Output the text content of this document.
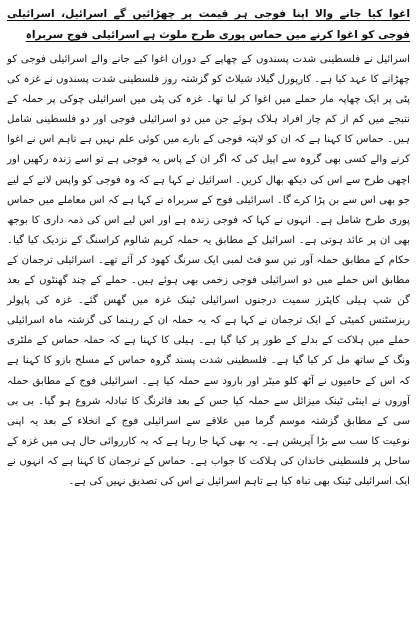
اغوا کیا جانے والا اپنا فوجی ہر قیمت پر چھڑائیں گے اسرائیل، اسرائیلی فوجی کو اغوا کرنے میں حماس پوری طرح ملوث ہے اسرائیلی فوج سربراہ

اسرائیل نے فلسطینی شدت پسندوں کے چھاپے کے دوران اغوا کیے جانے والے اسرائیلی فوجی کو چھڑانے کا عہد کیا ہے۔ کارپورل گیلاد شیلاٹ کو گزشتہ روز فلسطینی شدت پسندوں نے غزہ کی پٹی پر ایک چھاپہ مار حملے میں اغوا کر لیا تھا۔ غزہ کی پٹی میں اسرائیلی چوکی پر حملہ کے نتیجے میں کم از کم چار افراد ہلاک ہوئے جن میں دو اسرائیلی فوجی اور دو فلسطینی شامل ہیں۔ حماس کا کہنا ہے کہ ان کو لاپتہ فوجی کے بارے میں کوئی علم نہیں ہے تاہم اس نے اغوا کرنے والے کسی بھی گروہ سے اپیل کی کہ اگر ان کے پاس یہ فوجی ہے تو اسے زندہ رکھیں اور اچھی طرح سے اس کی دیکھ بھال کریں۔ اسرائیل نے کہا ہے کہ وہ فوجی کو واپس لانے کے لیے جو بھی اس سے بن پڑا کرے گا۔ اسرائیلی فوج کے سربراہ نے کہا ہے کہ اس معاملے میں حماس پوری طرح شامل ہے۔ انہوں نے کہا کہ فوجی زندہ ہے اور اس لیے اس کی ذمہ داری کا بوجھ بھی ان پر عائد ہوتی ہے۔ اسرائیل کے مطابق یہ حملہ کریم شالوم کراسنگ کے نزدیک کیا گیا۔ حکام کے مطابق حملہ آور تین سو فٹ لمبی ایک سرنگ کھود کر آئے تھے۔ اسرائیلی ترجمان کے مطابق اس حملے میں دو اسرائیلی فوجی زخمی بھی ہوئے ہیں۔ حملے کے چند گھنٹوں کے بعد گن شپ ہیلی کاپٹرز سمیت درجنوں اسرائیلی ٹینک غزہ میں گھس گئے۔ غزہ کی پاپولر ریزسٹنس کمیٹی کے ایک ترجمان نے کہا ہے کہ یہ حملہ ان کے رہنما کی گزشتہ ماہ اسرائیلی حملے میں ہلاکت کے بدلے کے طور پر کیا گیا ہے۔ ہیلی کا کہنا ہے کہ حملہ حماس کے ملٹری ونگ کے ساتھ مل کر کیا گیا ہے۔ فلسطینی شدت پسند گروہ حماس کے مسلح بازو کا کہنا ہے کہ اس کے حامیوں نے آٹھ کلو میٹر اور بارود سے حملہ کیا ہے۔ اسرائیلی فوج کے مطابق حملہ آوروں نے اینٹی ٹینک میزائل سے حملہ کیا جس کے بعد فائرنگ کا تبادلہ شروع ہو گیا۔ بی بی سی کے مطابق گزشتہ موسم گرما میں علاقے سے اسرائیلی فوج کے انخلاء کے بعد یہ اپنی نوعیت کا سب سے بڑا آپریشن ہے۔ یہ بھی کہا جا رہا ہے کہ یہ کارروائی حال ہی میں غزہ کے ساحل پر فلسطینی خاندان کی ہلاکت کا جواب ہے۔ حماس کے ترجمان کا کہنا ہے کہ انہوں نے ایک اسرائیلی ٹینک بھی تباہ کیا ہے تاہم اسرائیل نے اس کی تصدیق نہیں کی ہے۔
